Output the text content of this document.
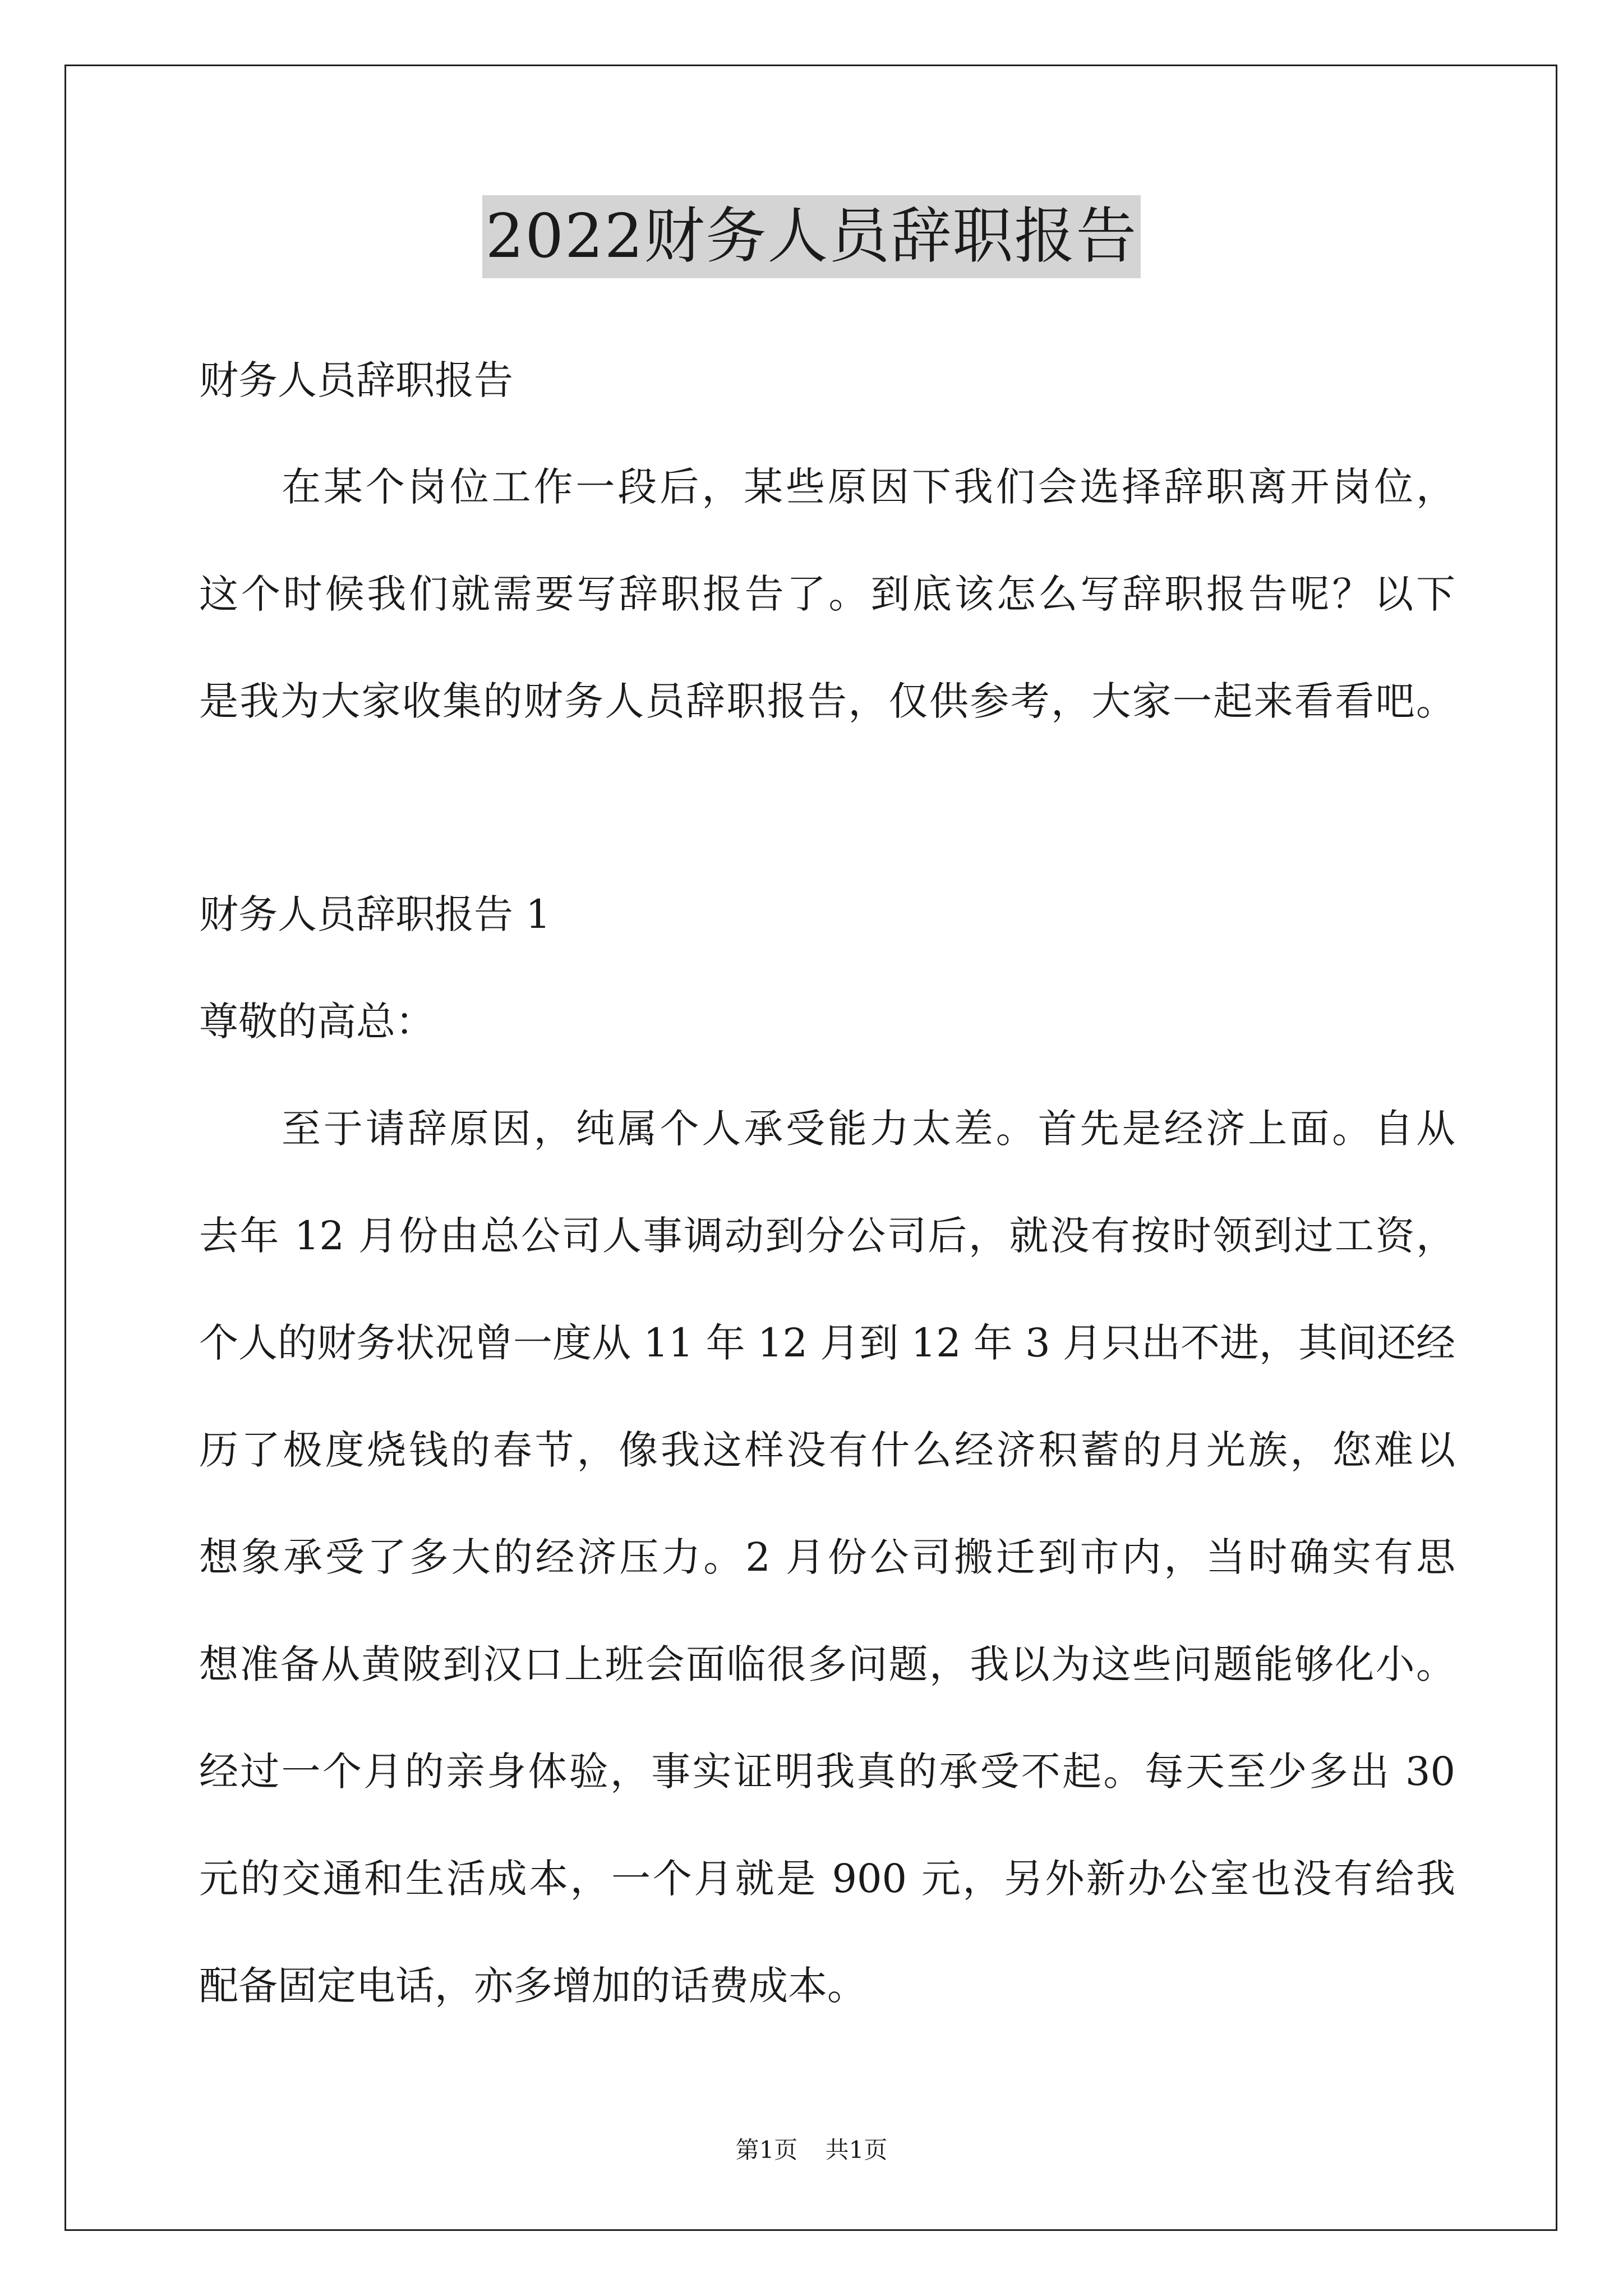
2022财务人员辞职报告
财务人员辞职报告
在某个岗位工作一段后，某些原因下我们会选择辞职离开岗位，
这个时候我们就需要写辞职报告了。到底该怎么写辞职报告呢？以下
是我为大家收集的财务人员辞职报告，仅供参考，大家一起来看看吧。
财务人员辞职报告 1
尊敬的高总：
至于请辞原因，纯属个人承受能力太差。首先是经济上面。自从
去年 12 月份由总公司人事调动到分公司后，就没有按时领到过工资，
个人的财务状况曾一度从 11 年 12 月到 12 年 3 月只出不进，其间还经
历了极度烧钱的春节，像我这样没有什么经济积蓄的月光族，您难以
想象承受了多大的经济压力。2 月份公司搬迁到市内，当时确实有思
想准备从黄陂到汉口上班会面临很多问题，我以为这些问题能够化小。
经过一个月的亲身体验，事实证明我真的承受不起。每天至少多出 30
元的交通和生活成本，一个月就是 900 元，另外新办公室也没有给我
配备固定电话，亦多增加的话费成本。
第1页 共1页
